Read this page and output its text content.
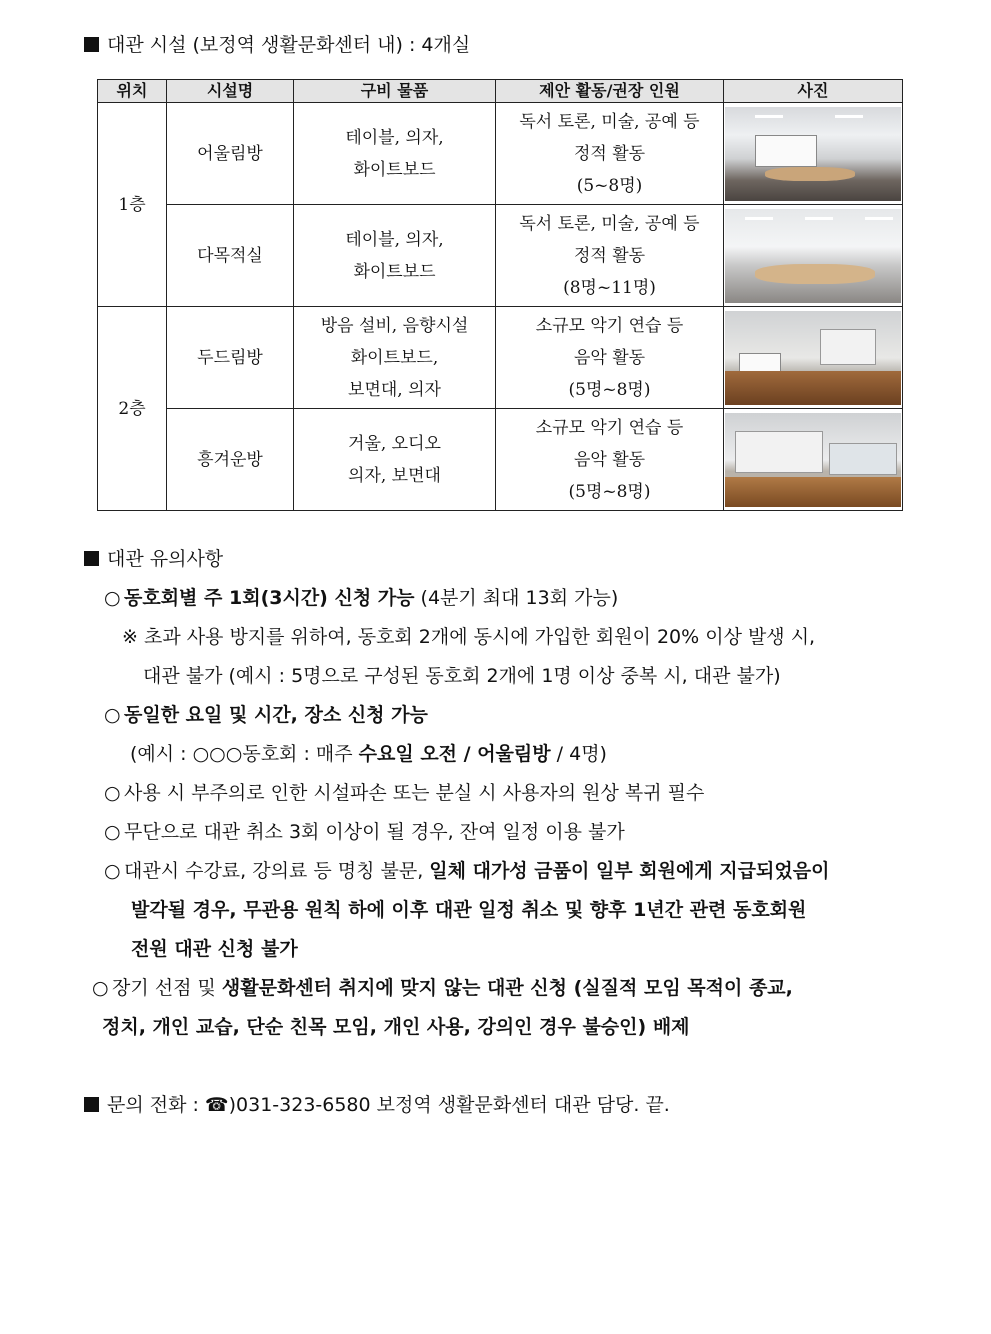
대관 시설 (보정역 생활문화센터 내) : 4개실
위치	시설명	구비 물품	제안 활동/권장 인원	사진
1층	어울림방	테이블, 의자,
화이트보드	독서 토론, 미술, 공예 등
정적 활동
(5~8명)	

	다목적실	테이블, 의자,
화이트보드	독서 토론, 미술, 공예 등
정적 활동
(8명~11명)	

2층	두드림방	방음 설비, 음향시설
화이트보드,
보면대, 의자	소규모 악기 연습 등
음악 활동
(5명~8명)	

	흥겨운방	거울, 오디오
의자, 보면대	소규모 악기 연습 등
음악 활동
(5명~8명)	
대관 유의사항
○ 동호회별 주 1회(3시간) 신청 가능 (4분기 최대 13회 가능)
※ 초과 사용 방지를 위하여, 동호회 2개에 동시에 가입한 회원이 20% 이상 발생 시,
대관 불가 (예시 : 5명으로 구성된 동호회 2개에 1명 이상 중복 시, 대관 불가)
○ 동일한 요일 및 시간, 장소 신청 가능
(예시 : ○○○동호회 : 매주 수요일 오전 / 어울림방 / 4명)
○ 사용 시 부주의로 인한 시설파손 또는 분실 시 사용자의 원상 복귀 필수
○ 무단으로 대관 취소 3회 이상이 될 경우, 잔여 일정 이용 불가
○ 대관시 수강료, 강의료 등 명칭 불문, 일체 대가성 금품이 일부 회원에게 지급되었음이
발각될 경우, 무관용 원칙 하에 이후 대관 일정 취소 및 향후 1년간 관련 동호회원
전원 대관 신청 불가
○ 장기 선점 및 생활문화센터 취지에 맞지 않는 대관 신청 (실질적 모임 목적이 종교,
정치, 개인 교습, 단순 친목 모임, 개인 사용, 강의인 경우 불승인) 배제
문의 전화 : ☎)031-323-6580 보정역 생활문화센터 대관 담당. 끝.
